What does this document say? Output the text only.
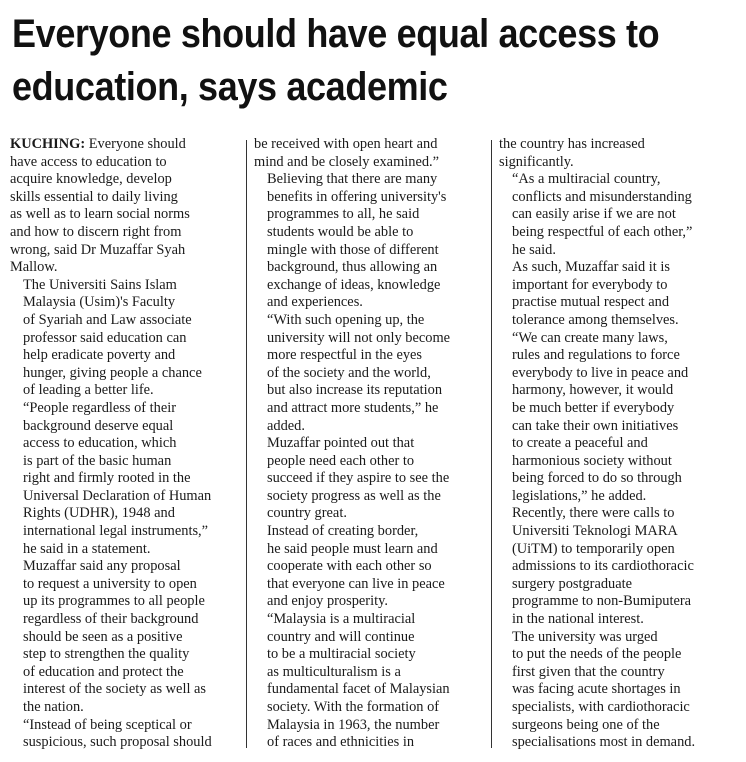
Everyone should have equal access to education, says academic

KUCHING: Everyone should
have access to education to
acquire knowledge, develop
skills essential to daily living
as well as to learn social norms
and how to discern right from
wrong, said Dr Muzaffar Syah
Mallow.

The Universiti Sains Islam
Malaysia (Usim)'s Faculty
of Syariah and Law associate
professor said education can
help eradicate poverty and
hunger, giving people a chance
of leading a better life.

“People regardless of their
background deserve equal
access to education, which
is part of the basic human
right and firmly rooted in the
Universal Declaration of Human
Rights (UDHR), 1948 and
international legal instruments,”
he said in a statement.

Muzaffar said any proposal
to request a university to open
up its programmes to all people
regardless of their background
should be seen as a positive
step to strengthen the quality
of education and protect the
interest of the society as well as
the nation.

“Instead of being sceptical or
suspicious, such proposal should

be received with open heart and
mind and be closely examined.”

Believing that there are many
benefits in offering university's
programmes to all, he said
students would be able to
mingle with those of different
background, thus allowing an
exchange of ideas, knowledge
and experiences.

“With such opening up, the
university will not only become
more respectful in the eyes
of the society and the world,
but also increase its reputation
and attract more students,” he
added.

Muzaffar pointed out that
people need each other to
succeed if they aspire to see the
society progress as well as the
country great.

Instead of creating border,
he said people must learn and
cooperate with each other so
that everyone can live in peace
and enjoy prosperity.

“Malaysia is a multiracial
country and will continue
to be a multiracial society
as multiculturalism is a
fundamental facet of Malaysian
society. With the formation of
Malaysia in 1963, the number
of races and ethnicities in

the country has increased
significantly.

“As a multiracial country,
conflicts and misunderstanding
can easily arise if we are not
being respectful of each other,”
he said.

As such, Muzaffar said it is
important for everybody to
practise mutual respect and
tolerance among themselves.

“We can create many laws,
rules and regulations to force
everybody to live in peace and
harmony, however, it would
be much better if everybody
can take their own initiatives
to create a peaceful and
harmonious society without
being forced to do so through
legislations,” he added.

Recently, there were calls to
Universiti Teknologi MARA
(UiTM) to temporarily open
admissions to its cardiothoracic
surgery postgraduate
programme to non-Bumiputera
in the national interest.

The university was urged
to put the needs of the people
first given that the country
was facing acute shortages in
specialists, with cardiothoracic
surgeons being one of the
specialisations most in demand.
